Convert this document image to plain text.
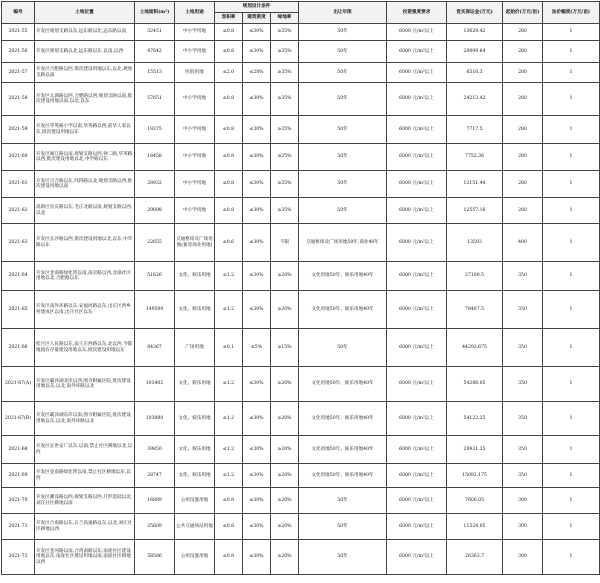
编号	土地位置	土地面积(m²)	土地用途	规划设计条件			出让年限	投资强度要求	竞买保证金(万元)	起始价(万元/亩)	加价幅度(万元/亩)
				容积率	建筑密度	绿地率					
2021-55	开发区规划支路以东,远东路以北,远东路以南	32451	中小学用地	≤0.8	≤30%	≥35%	50年	6000 元/m²以上	13629.42	280	1
2021-56	开发区规划支路以北,远东路以东,以南,以西	47642	中小学用地	≤0.8	≤30%	≥35%	50年	6000 元/m²以上	20009.64	280	1
2021-57	开发区合肥路以西,批次建设用地以东,以北,规划支路以南	15513	医院用地	≤2.0	≤28%	≥35%	50年	6000 元/m²以上	6516.3	280	1
2021-58	开发区太湖路以西,合肥路以西,规划支路以南,批次建设用地以南,以北,以东	57651	中小学用地	≤0.8	≤30%	≥35%	50年	6000 元/m²以上	24213.42	280	1
2021-59	开发区华英路小学以南,华英路以西,前华人家以东,批次建设用地以东	18375	中小学用地	≤0.8	≤30%	≥35%	50年	6000 元/m²以上	7717.5	280	1
2021-60	开发区闽江路以南,规划支路以西,钟二路,华英路以西,批次建设用地以北,中学路以东	18458	中小学用地	≤0.8	≤30%	≥35%	50年	6000 元/m²以上	7752.36	280	1
2021-61	开发区兴合路以东,纬四路以北,规划支路以西,批次建设用地以南	28932	中小学用地	≤0.8	≤30%	≥35%	50年	6000 元/m²以上	12151.44	280	1
2021-62	高新区宣庆路以东,毛庄北路以南,规划支路以西,以北	29898	中小学用地	≤0.8	≤30%	≥35%	50年	6000 元/m²以上	12557.16	280	1
2021-63	开发区长沙路以西,批次建设用地以北,以东,中华路以东	22655	交通枢纽及广场用地(兼容商业用地)	≤0.6	≤30%	不限	交通枢纽及广场用地50年,商业40年	6000 元/m²以上	13593	400	1
2021-64	开发区金南路绿化带以南,南京路以西,北部社区用地以北,合肥路以东	51626	文化、娱乐用地	≤1.2	≤30%	≥20%	文化用地50年、娱乐用地40年	6000 元/m²以上	27100.5	350	1
2021-65	开发区南外环路以东,安福河路以东,出庄区西乡村建成区以南,出庄社区以东	149509	文化、娱乐用地	≤1.2	≤30%	≥20%	文化用地50年、娱乐用地40年	6000 元/m²以上	78487.5	350	1
2021-66	桂月区人民路以东,南王庄西路以东,北以西,今都地国有存量建设用地以东,批次建设用地以东	84367	广场用地	≤0.1	≤5%	≥15%	50年	6000 元/m²以上	44292.675	350	1
2021-67(A)	开发区霸泽湖北岸以西,围寺附属区院,批次建设用地以东,以北,南外环路以北	103402	文化、娱乐用地	≤1.2	≤30%	≥20%	文化用地50年、娱乐用地40年	6000 元/m²以上	54286.05	350	1
2021-67(B)	开发区霸泽湖东岸以南,围寺附属区院,批次建设用地以东,以北,南外环路以北	103090	文化、娱乐用地	≤1.2	≤30%	≥20%	文化用地50年、娱乐用地40年	6000 元/m²以上	54122.25	350	1
2021-68	开发区长世安厂以东,以南,禁止社区耕地以北,以西	39850	文化、娱乐用地	≤1.2	≤30%	≥20%	文化用地50年、娱乐用地40年	6000 元/m²以上	20921.25	350	1
2021-69	开发区金南路绿化带以南,禁止社区耕地以东,以西	28747	文化、娱乐用地	≤1.2	≤30%	≥20%	文化用地50年、娱乐用地40年	6000 元/m²以上	15092.175	350	1
2021-70	开发区潮泽路以西,规划支路以西,月形造园以北,刘庄社区耕地以南	16889	公用设施用地	≤0.8	≤30%	≥20%	50年	6000 元/m²以上	7600.05	300	1
2021-71	开发区合南路以东,日兰高速路以东,以北,刘庄社区耕地以西	25609	公共交通场站用地	≤0.8	≤30%	≥20%	50年	6000 元/m²以上	11524.05	300	1
2021-72	开发区奎河路以南,合湾南路以东,南庞社区建设用地以东,南庞社区建设用地以南,南庞社区耕地以西	58586	公用设施用地	≤0.8	≤30%	≥20%	50年	6000 元/m²以上	26363.7	300	1
